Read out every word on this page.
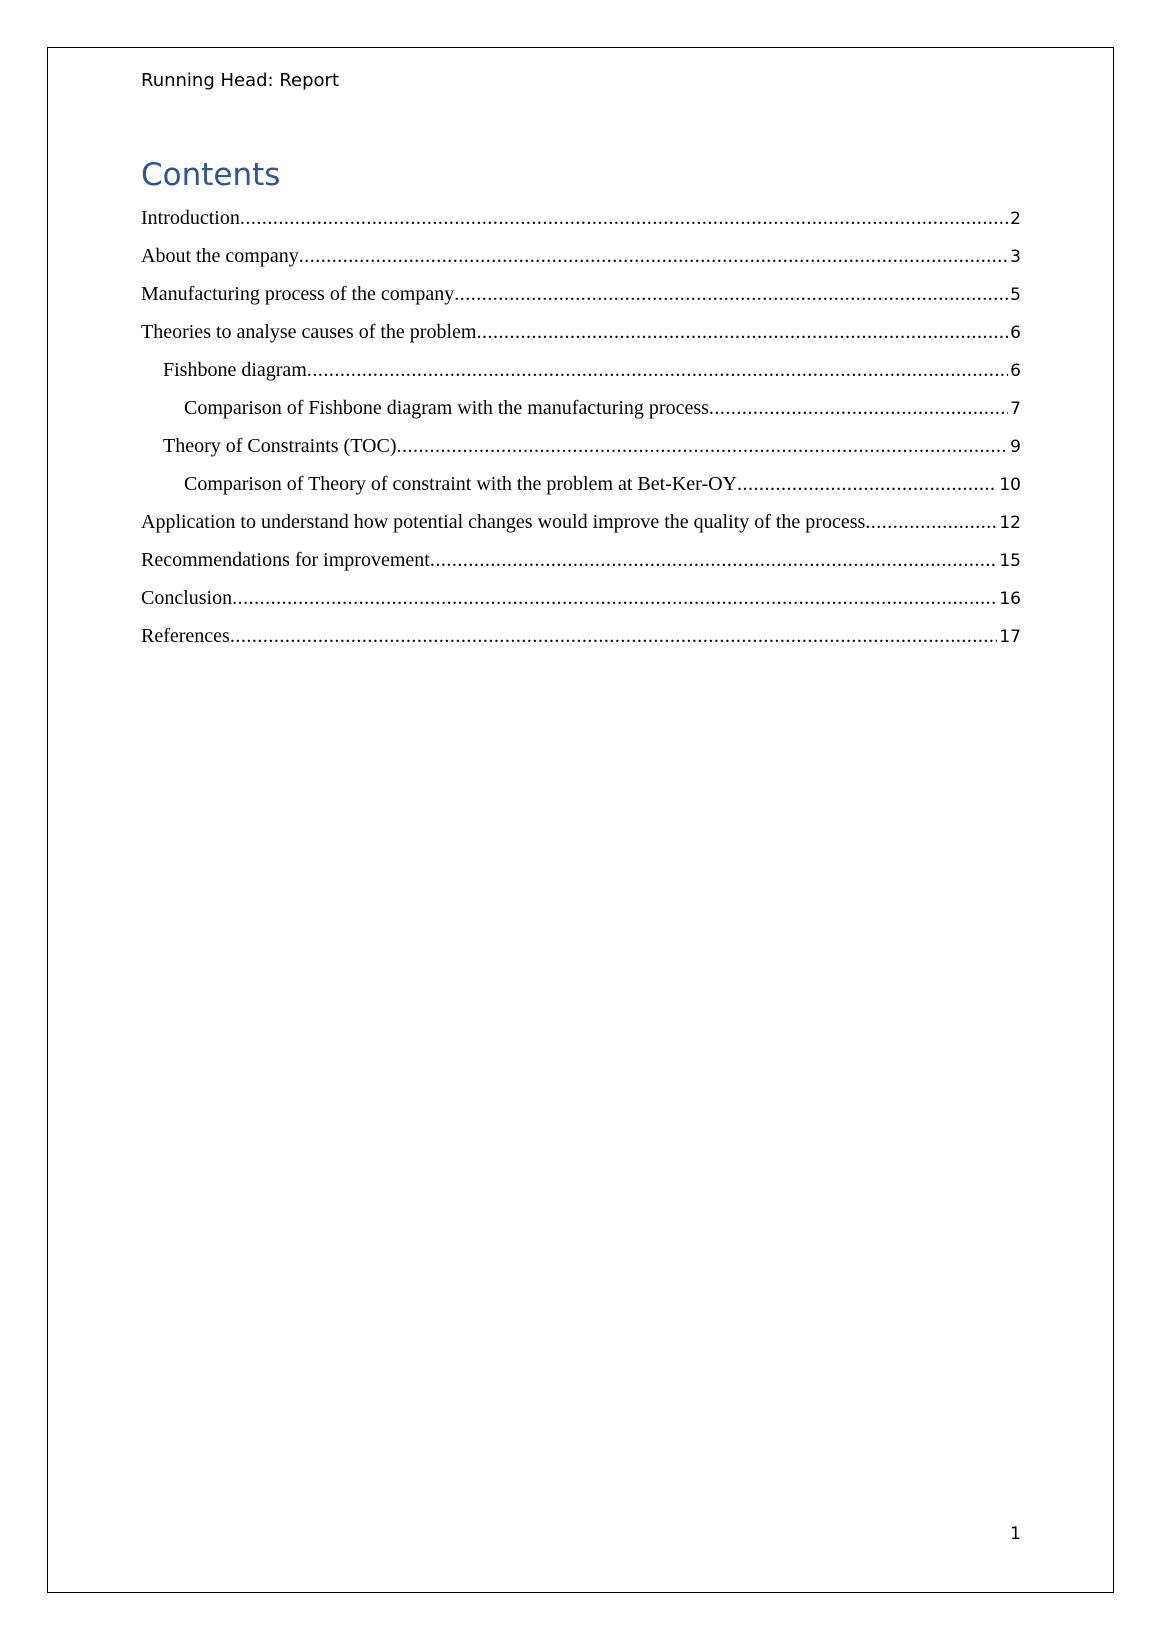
Running Head: Report
Contents
Introduction .....	2
About the company .....	3
Manufacturing process of the company .....	5
Theories to analyse causes of the problem .....	6
Fishbone diagram .....	6
Comparison of Fishbone diagram with the manufacturing process .....	7
Theory of Constraints (TOC) .....	9
Comparison of Theory of constraint with the problem at Bet-Ker-OY .....	10
Application to understand how potential changes would improve the quality of the process .....	12
Recommendations for improvement .....	15
Conclusion .....	16
References .....	17
1
